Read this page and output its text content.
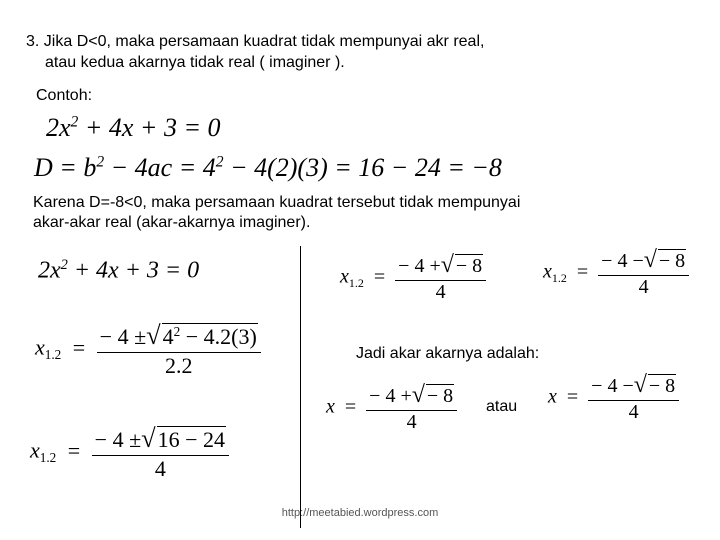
3. Jika D<0, maka persamaan kuadrat tidak mempunyai akr real,
atau kedua akarnya tidak real ( imaginer ).
Contoh:
$2x^2 + 4x + 3 = 0$
$D = b^2 - 4ac = 4^2 - 4(2)(3) = 16 - 24 = -8$
Karena D=-8<0, maka persamaan kuadrat tersebut tidak mempunyai
akar-akar real (akar-akarnya imaginer).
$2x^2 + 4x + 3 = 0$
$x_{1.2} = \frac{- 4 \pm√4^2 - 4.2(3)}{2.2}$
$x_{1.2} = \frac{- 4 \pm√16 - 24}{4}$
$x_{1.2} = \frac{- 4 +√ - 8}{4}$	$x_{1.2} = \frac{- 4 -√ - 8}{4}$
Jadi akar akarnya adalah:
$x = \frac{- 4 +√ - 8}{4}$ atau $x = \frac{- 4 -√ - 8}{4}$
http://meetabied.wordpress.com
